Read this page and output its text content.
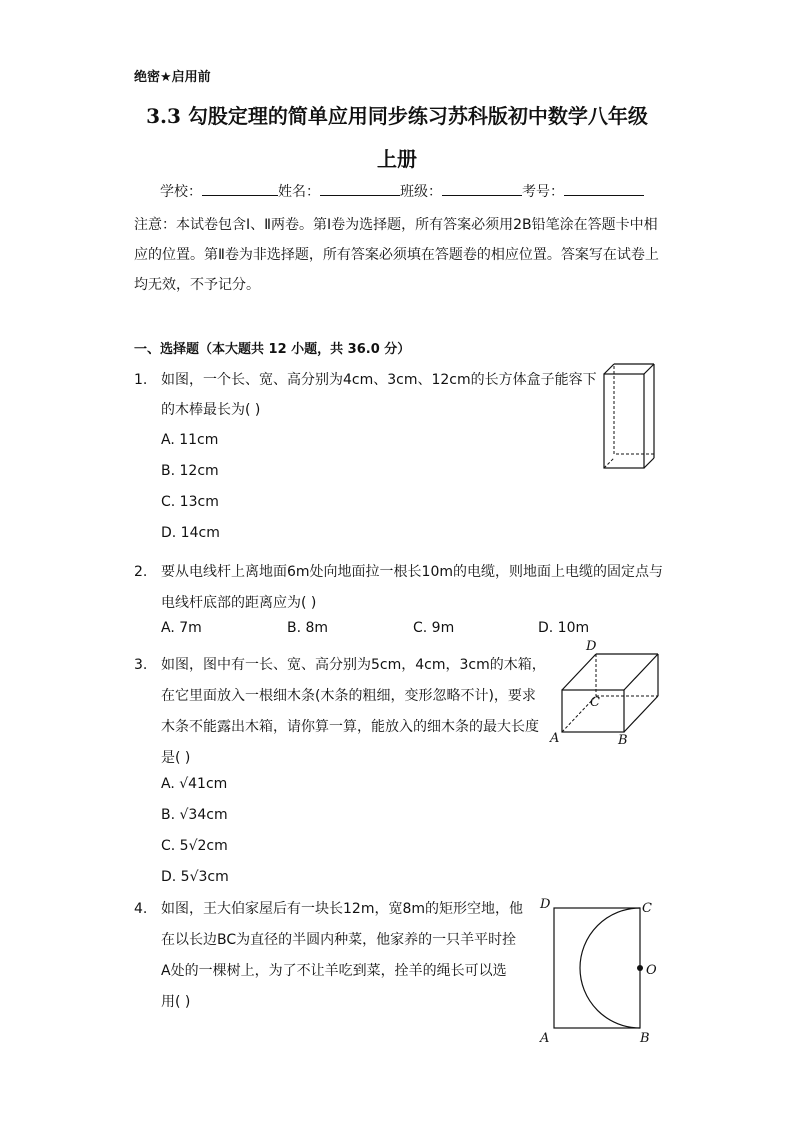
绝密★启用前
3.3 勾股定理的简单应用同步练习苏科版初中数学八年级
上册
学校：	姓名：	班级：	考号：
注意：本试卷包含Ⅰ、Ⅱ两卷。第Ⅰ卷为选择题，所有答案必须用2B铅笔涂在答题卡中相应的位置。第Ⅱ卷为非选择题，所有答案必须填在答题卷的相应位置。答案写在试卷上均无效，不予记分。
一、选择题（本大题共 12 小题，共 36.0 分）
1. 如图，一个长、宽、高分别为4cm、3cm、12cm的长方体盒子能容下
的木棒最长为( )
A. 11cm
B. 12cm
C. 13cm
D. 14cm
2. 要从电线杆上离地面6m处向地面拉一根长10m的电缆，则地面上电缆的固定点与
电线杆底部的距离应为( )
A. 7m	B. 8m	C. 9m	D. 10m
3. 如图，图中有一长、宽、高分别为5cm，4cm，3cm的木箱，
在它里面放入一根细木条(木条的粗细，变形忽略不计)，要求
木条不能露出木箱，请你算一算，能放入的细木条的最大长度
是( )
A. √41cm
B. √34cm
C. 5√2cm
D. 5√3cm
D
C
A	B
4. 如图，王大伯家屋后有一块长12m，宽8m的矩形空地，他
在以长边BC为直径的半圆内种菜，他家养的一只羊平时拴
A处的一棵树上，为了不让羊吃到菜，拴羊的绳长可以选
用( )
D	C
O
A	B
